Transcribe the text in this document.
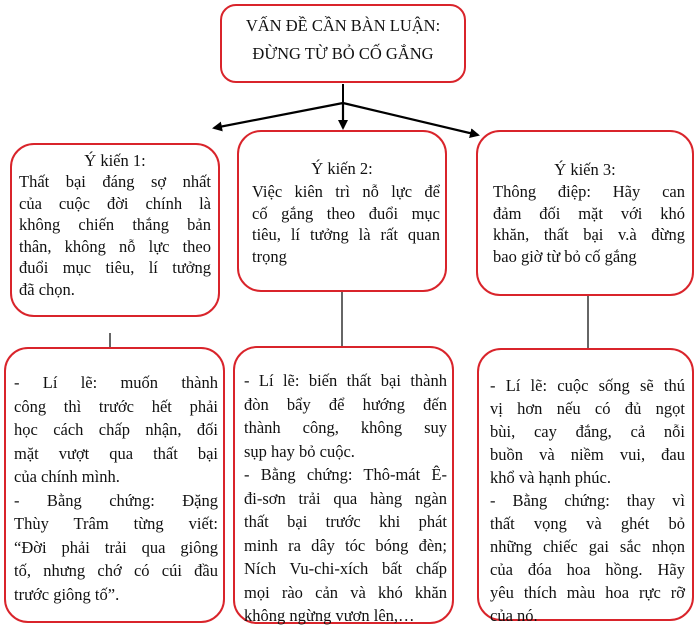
VẤN ĐỀ CẦN BÀN LUẬN:
ĐỪNG TỪ BỎ CỐ GẮNG
Ý kiến 1:
Thất bại đáng sợ nhất
của cuộc đời chính là
không chiến thắng bản
thân, không nỗ lực theo
đuổi mục tiêu, lí tưởng
đã chọn.
Ý kiến 2:
Việc kiên trì nỗ lực để
cố gắng theo đuổi mục
tiêu, lí tưởng là rất quan
trọng
Ý kiến 3:
Thông điệp: Hãy can
đảm đối mặt với khó
khăn, thất bại v.à đừng
bao giờ từ bỏ cố gắng
- Lí lẽ: muốn thành
công thì trước hết phải
học cách chấp nhận, đối
mặt vượt qua thất bại
của chính mình.
- Bằng chứng: Đặng
Thùy Trâm từng viết:
“Đời phải trải qua giông
tố, nhưng chớ có cúi đầu
trước giông tố”.
- Lí lẽ: biến thất bại thành
đòn bẩy để hướng đến
thành công, không suy
sụp hay bỏ cuộc.
- Bằng chứng: Thô-mát Ê-
đi-sơn trải qua hàng ngàn
thất bại trước khi phát
minh ra dây tóc bóng đèn;
Ních Vu-chi-xích bất chấp
mọi rào cản và khó khăn
không ngừng vươn lên,…
- Lí lẽ: cuộc sống sẽ thú
vị hơn nếu có đủ ngọt
bùi, cay đắng, cả nỗi
buồn và niềm vui, đau
khổ và hạnh phúc.
- Bằng chứng: thay vì
thất vọng và ghét bỏ
những chiếc gai sắc nhọn
của đóa hoa hồng. Hãy
yêu thích màu hoa rực rỡ
của nó.
